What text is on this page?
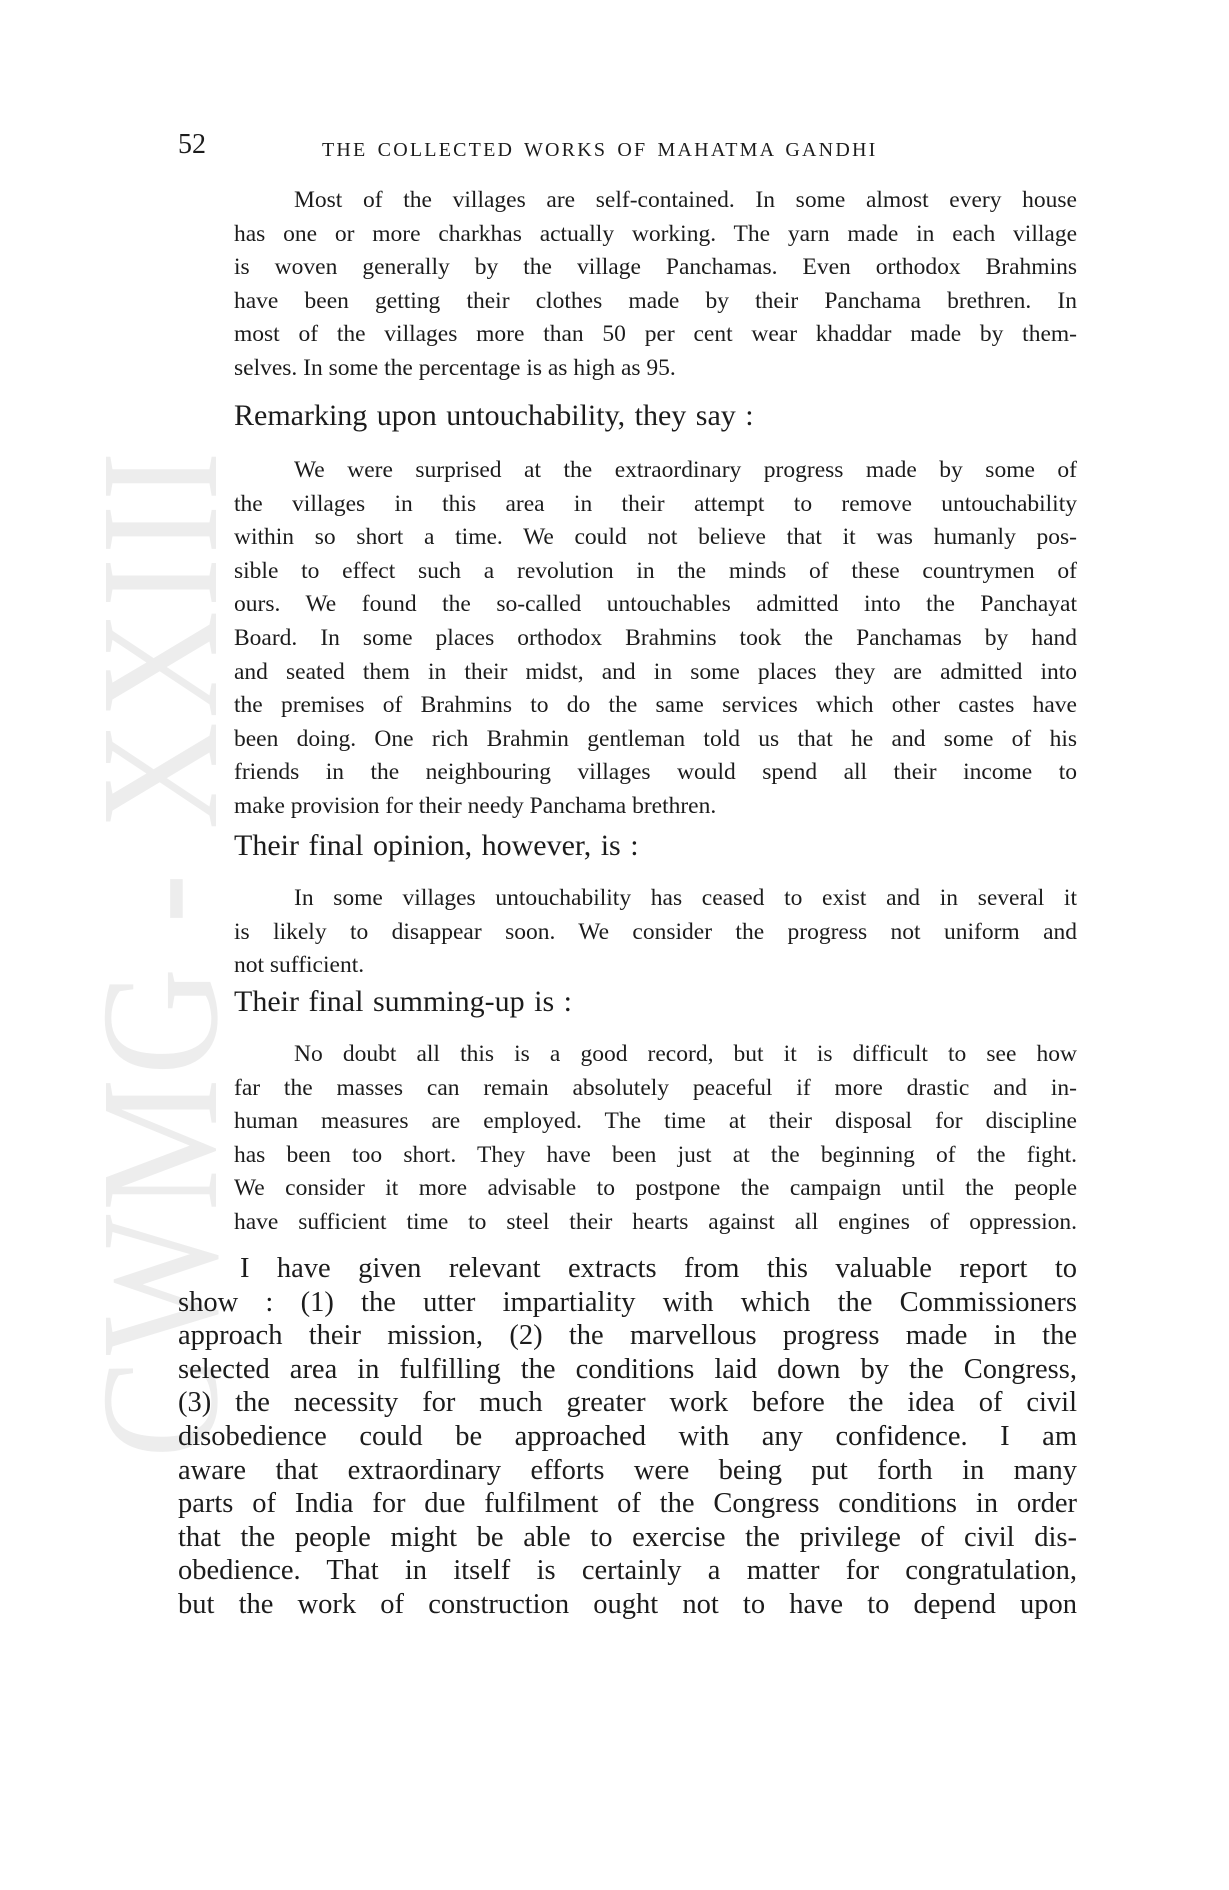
CWMG - XXIII
52	THE COLLECTED WORKS OF MAHATMA GANDHI
Most of the villages are self-contained. In some almost every house
has one or more charkhas actually working. The yarn made in each village
is woven generally by the village Panchamas. Even orthodox Brahmins
have been getting their clothes made by their Panchama brethren. In
most of the villages more than 50 per cent wear khaddar made by them-
selves. In some the percentage is as high as 95.
Remarking upon untouchability, they say :
We were surprised at the extraordinary progress made by some of
the villages in this area in their attempt to remove untouchability
within so short a time. We could not believe that it was humanly pos-
sible to effect such a revolution in the minds of these countrymen of
ours. We found the so-called untouchables admitted into the Panchayat
Board. In some places orthodox Brahmins took the Panchamas by hand
and seated them in their midst, and in some places they are admitted into
the premises of Brahmins to do the same services which other castes have
been doing. One rich Brahmin gentleman told us that he and some of his
friends in the neighbouring villages would spend all their income to
make provision for their needy Panchama brethren.
Their final opinion, however, is :
In some villages untouchability has ceased to exist and in several it
is likely to disappear soon. We consider the progress not uniform and
not sufficient.
Their final summing-up is :
No doubt all this is a good record, but it is difficult to see how
far the masses can remain absolutely peaceful if more drastic and in-
human measures are employed. The time at their disposal for discipline
has been too short. They have been just at the beginning of the fight.
We consider it more advisable to postpone the campaign until the people
have sufficient time to steel their hearts against all engines of oppression.
I have given relevant extracts from this valuable report to
show : (1) the utter impartiality with which the Commissioners
approach their mission, (2) the marvellous progress made in the
selected area in fulfilling the conditions laid down by the Congress,
(3) the necessity for much greater work before the idea of civil
disobedience could be approached with any confidence. I am
aware that extraordinary efforts were being put forth in many
parts of India for due fulfilment of the Congress conditions in order
that the people might be able to exercise the privilege of civil dis-
obedience. That in itself is certainly a matter for congratulation,
but the work of construction ought not to have to depend upon
